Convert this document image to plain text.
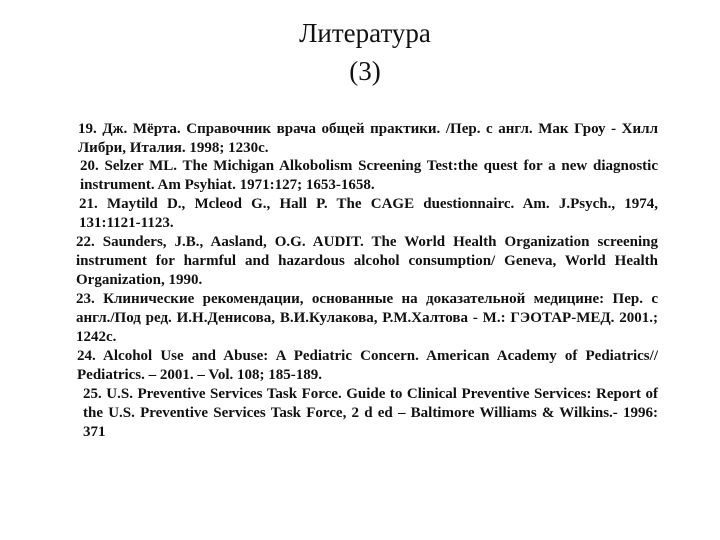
Литература
(3)
19. Дж. Мёрта. Справочник врача общей практики. /Пер. с англ. Мак Гроу - Хилл Либри, Италия. 1998; 1230с.
20. Selzer ML. The Michigan Alkobolism Screening Test:the quest for a new diagnostic instrument. Am Psyhiat. 1971:127; 1653-1658.
21. Maytild D., Mcleod G., Hall P. The CAGE duestionnairc. Am. J.Psych., 1974, 131:1121-1123.
22. Saunders, J.B., Aasland, O.G. AUDIT. The World Health Organization screening instrument for harmful and hazardous alcohol consumption/ Geneva, World Health Organization, 1990.
23. Клинические рекомендации, основанные на доказательной медицине: Пер. с англ./Под ред. И.Н.Денисова, В.И.Кулакова, Р.М.Халтова - М.: ГЭОТАР-МЕД. 2001.; 1242с.
24. Alcohol Use and Abuse: A Pediatric Concern. American Academy of Pediatrics// Pediatrics. – 2001. – Vol. 108; 185-189.
25. U.S. Preventive Services Task Force. Guide to Clinical Preventive Services: Report of the U.S. Preventive Services Task Force, 2 d ed – Baltimore Williams & Wilkins.- 1996: 371
